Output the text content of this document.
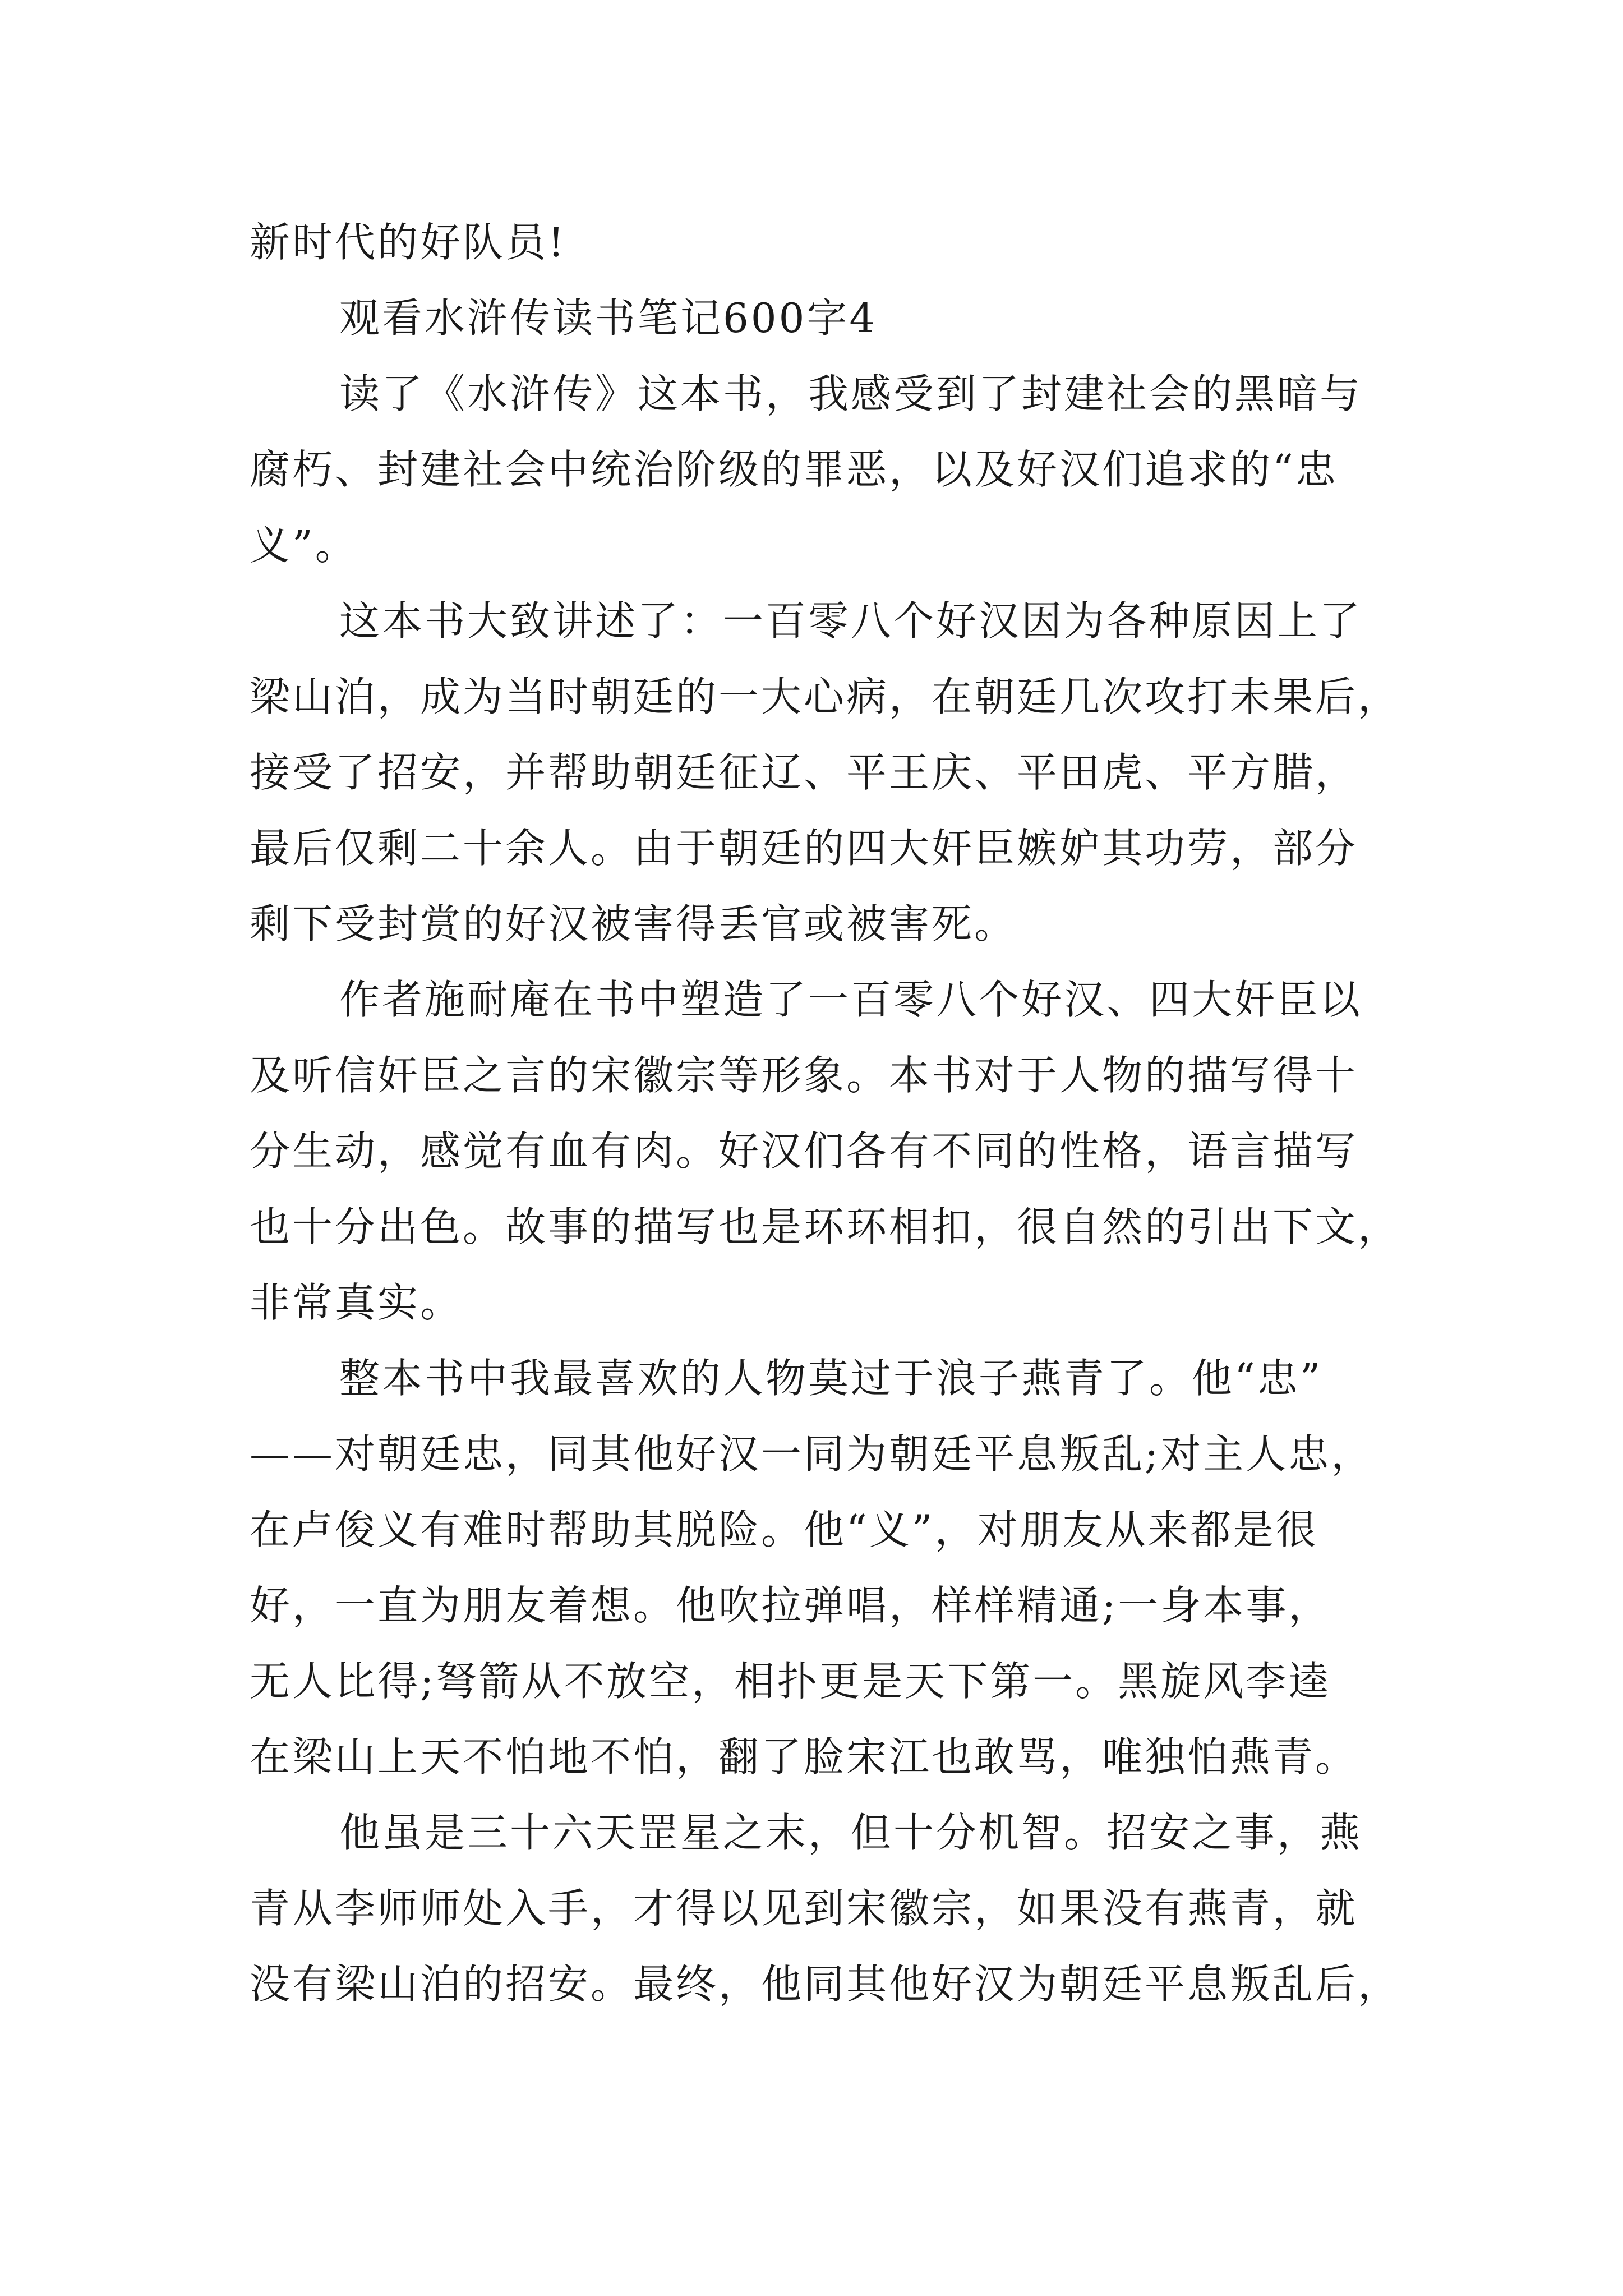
新时代的好队员!
观看水浒传读书笔记600字4
读了《水浒传》这本书，我感受到了封建社会的黑暗与
腐朽、封建社会中统治阶级的罪恶，以及好汉们追求的“忠
义”。
这本书大致讲述了：一百零八个好汉因为各种原因上了
梁山泊，成为当时朝廷的一大心病，在朝廷几次攻打未果后，
接受了招安，并帮助朝廷征辽、平王庆、平田虎、平方腊，
最后仅剩二十余人。由于朝廷的四大奸臣嫉妒其功劳，部分
剩下受封赏的好汉被害得丢官或被害死。
作者施耐庵在书中塑造了一百零八个好汉、四大奸臣以
及听信奸臣之言的宋徽宗等形象。本书对于人物的描写得十
分生动，感觉有血有肉。好汉们各有不同的性格，语言描写
也十分出色。故事的描写也是环环相扣，很自然的引出下文，
非常真实。
整本书中我最喜欢的人物莫过于浪子燕青了。他“忠”
——对朝廷忠，同其他好汉一同为朝廷平息叛乱;对主人忠，
在卢俊义有难时帮助其脱险。他“义”，对朋友从来都是很
好，一直为朋友着想。他吹拉弹唱，样样精通;一身本事，
无人比得;弩箭从不放空，相扑更是天下第一。黑旋风李逵
在梁山上天不怕地不怕，翻了脸宋江也敢骂，唯独怕燕青。
他虽是三十六天罡星之末，但十分机智。招安之事，燕
青从李师师处入手，才得以见到宋徽宗，如果没有燕青，就
没有梁山泊的招安。最终，他同其他好汉为朝廷平息叛乱后，
